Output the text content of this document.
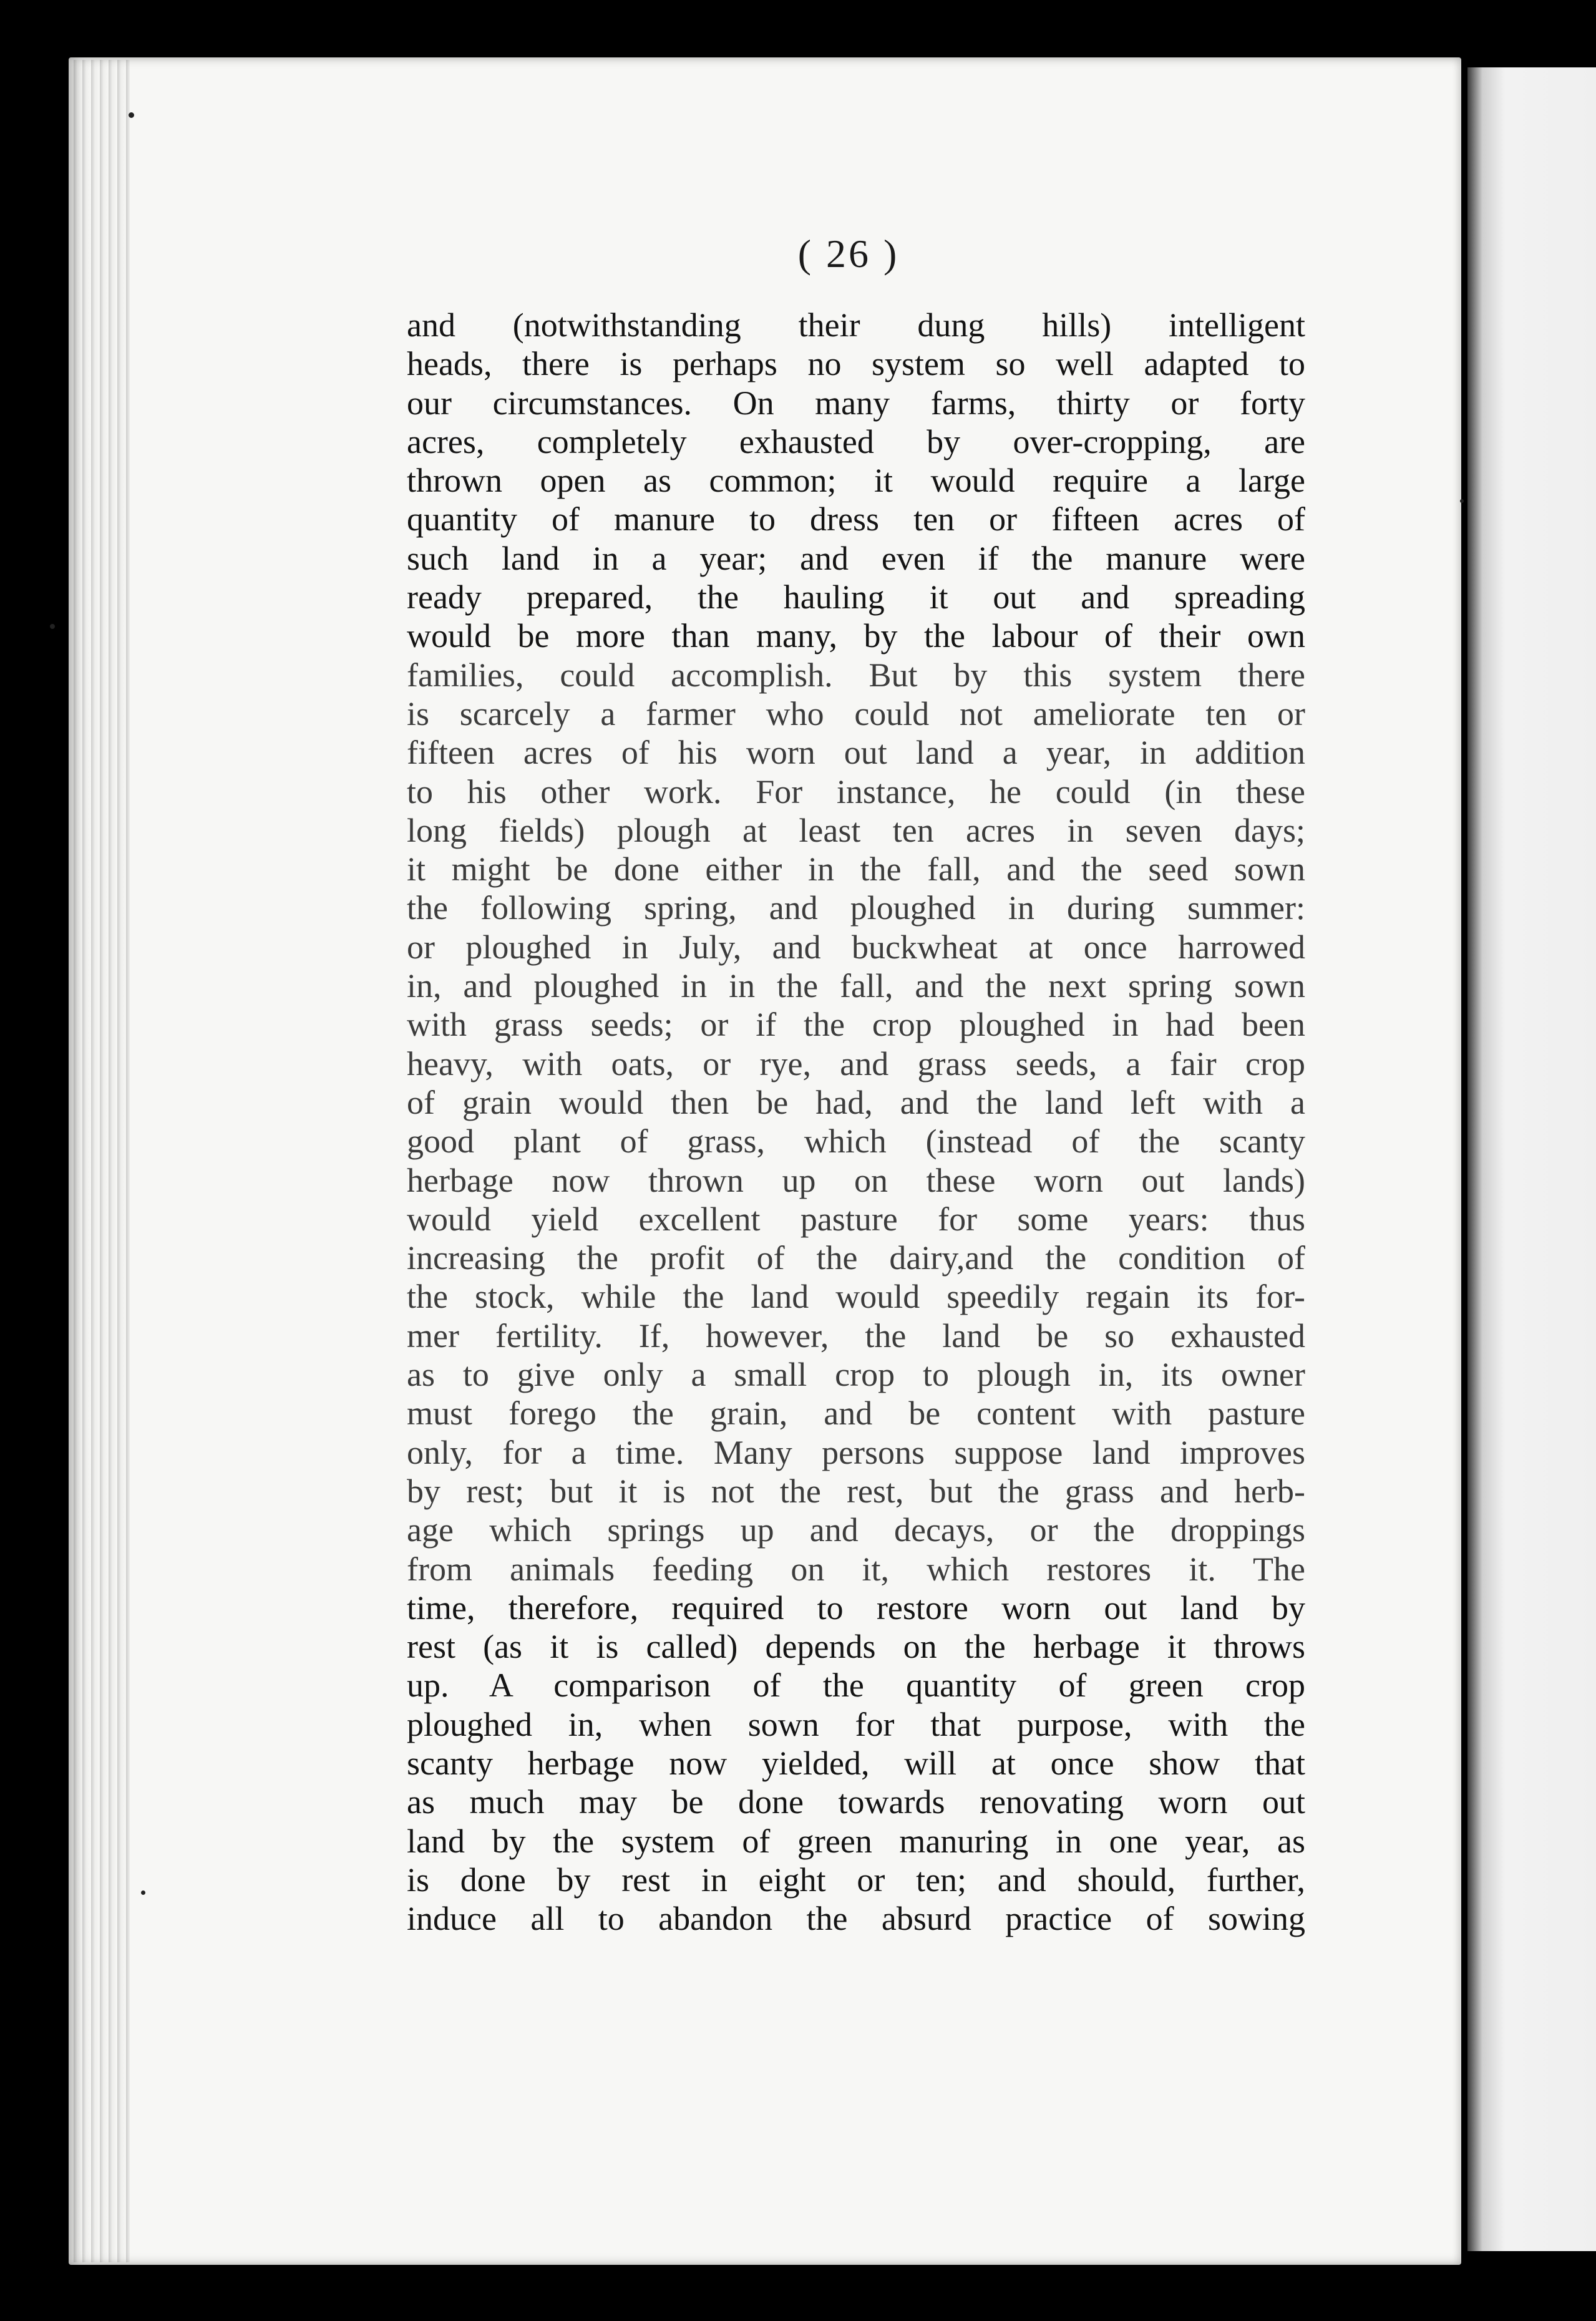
( 26 )
and (notwithstanding their dung hills) intelligent
heads, there is perhaps no system so well adapted to
our circumstances. On many farms, thirty or forty
acres, completely exhausted by over-cropping, are
thrown open as common; it would require a large
quantity of manure to dress ten or fifteen acres of
such land in a year; and even if the manure were
ready prepared, the hauling it out and spreading
would be more than many, by the labour of their own
families, could accomplish. But by this system there
is scarcely a farmer who could not ameliorate ten or
fifteen acres of his worn out land a year, in addition
to his other work. For instance, he could (in these
long fields) plough at least ten acres in seven days;
it might be done either in the fall, and the seed sown
the following spring, and ploughed in during summer:
or ploughed in July, and buckwheat at once harrowed
in, and ploughed in in the fall, and the next spring sown
with grass seeds; or if the crop ploughed in had been
heavy, with oats, or rye, and grass seeds, a fair crop
of grain would then be had, and the land left with a
good plant of grass, which (instead of the scanty
herbage now thrown up on these worn out lands)
would yield excellent pasture for some years: thus
increasing the profit of the dairy,and the condition of
the stock, while the land would speedily regain its for-
mer fertility. If, however, the land be so exhausted
as to give only a small crop to plough in, its owner
must forego the grain, and be content with pasture
only, for a time. Many persons suppose land improves
by rest; but it is not the rest, but the grass and herb-
age which springs up and decays, or the droppings
from animals feeding on it, which restores it. The
time, therefore, required to restore worn out land by
rest (as it is called) depends on the herbage it throws
up. A comparison of the quantity of green crop
ploughed in, when sown for that purpose, with the
scanty herbage now yielded, will at once show that
as much may be done towards renovating worn out
land by the system of green manuring in one year, as
is done by rest in eight or ten; and should, further,
induce all to abandon the absurd practice of sowing
